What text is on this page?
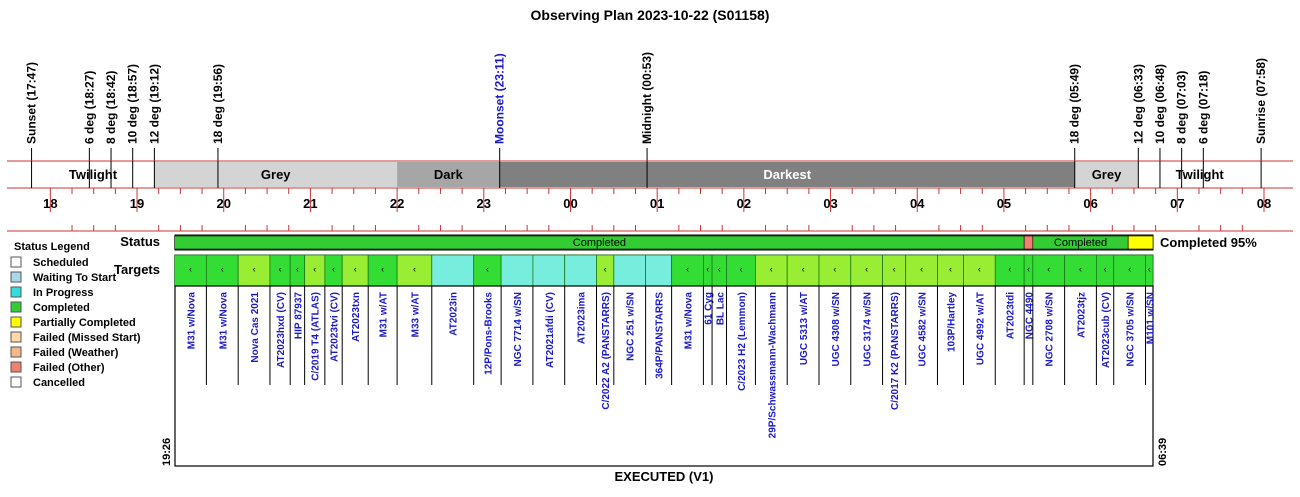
Observing Plan 2023-10-22 (S01158)
Sunset (17:47)	6 deg (18:27) 8 deg (18:42) 10 deg (18:57) 12 deg (19:12)	18 deg (19:56)	Moonset (23:11)	Midnight (00:53)	18 deg (05:49)	12 deg (06:33) 10 deg (06:48) 8 deg (07:03) 6 deg (07:18)	Sunrise (07:58)
Twilight	Grey	Dark	Darkest	Grey	Twilight
18	19	20	21	22	23	00	01	02	03	04	05	06	07	08
Status Legend
Scheduled
Waiting To Start
In Progress
Completed
Partially Completed
Failed (Missed Start)
Failed (Weather)
Failed (Other)
Cancelled
Status	Completed	Completed	Completed 95%
Targets	‹	‹	‹	‹ ‹ ‹ ‹ ‹	‹	‹	‹	‹	‹ ‹ ‹ ‹	‹	‹	‹	‹	‹	‹	‹	‹	‹ ‹ ‹	‹ ‹ ‹ ‹
M31 w/Nova M31 w/Nova Nova Cas 2021 AT2023hxd (CV) HIP 87937 C/2019 T4 (ATLAS) AT2023tvi (CV) AT2023txn M31 w/AT M33 w/AT	AT2023in 12P/Pons-Brooks NGC 7714 w/SN AT2021afdi (CV) AT2023ima C/2022 A2 (PANSTARRS) NGC 251 w/SN 364P/PANSTARRS M31 w/Nova 61 Cyg BL Lac C/2023 H2 (Lemmon) 29P/Schwassmann-Wachmann UGC 5313 w/AT UGC 4308 w/SN UGC 3174 w/SN C/2017 K2 (PANSTARRS) UGC 4582 w/SN 103P/Hartley UGC 4992 w/AT AT2023tdi NGC 4490 NGC 2708 w/SN AT2023tjz AT2023cub (CV) NGC 3705 w/SN M101 w/SN
19:26	06:39
EXECUTED (V1)
